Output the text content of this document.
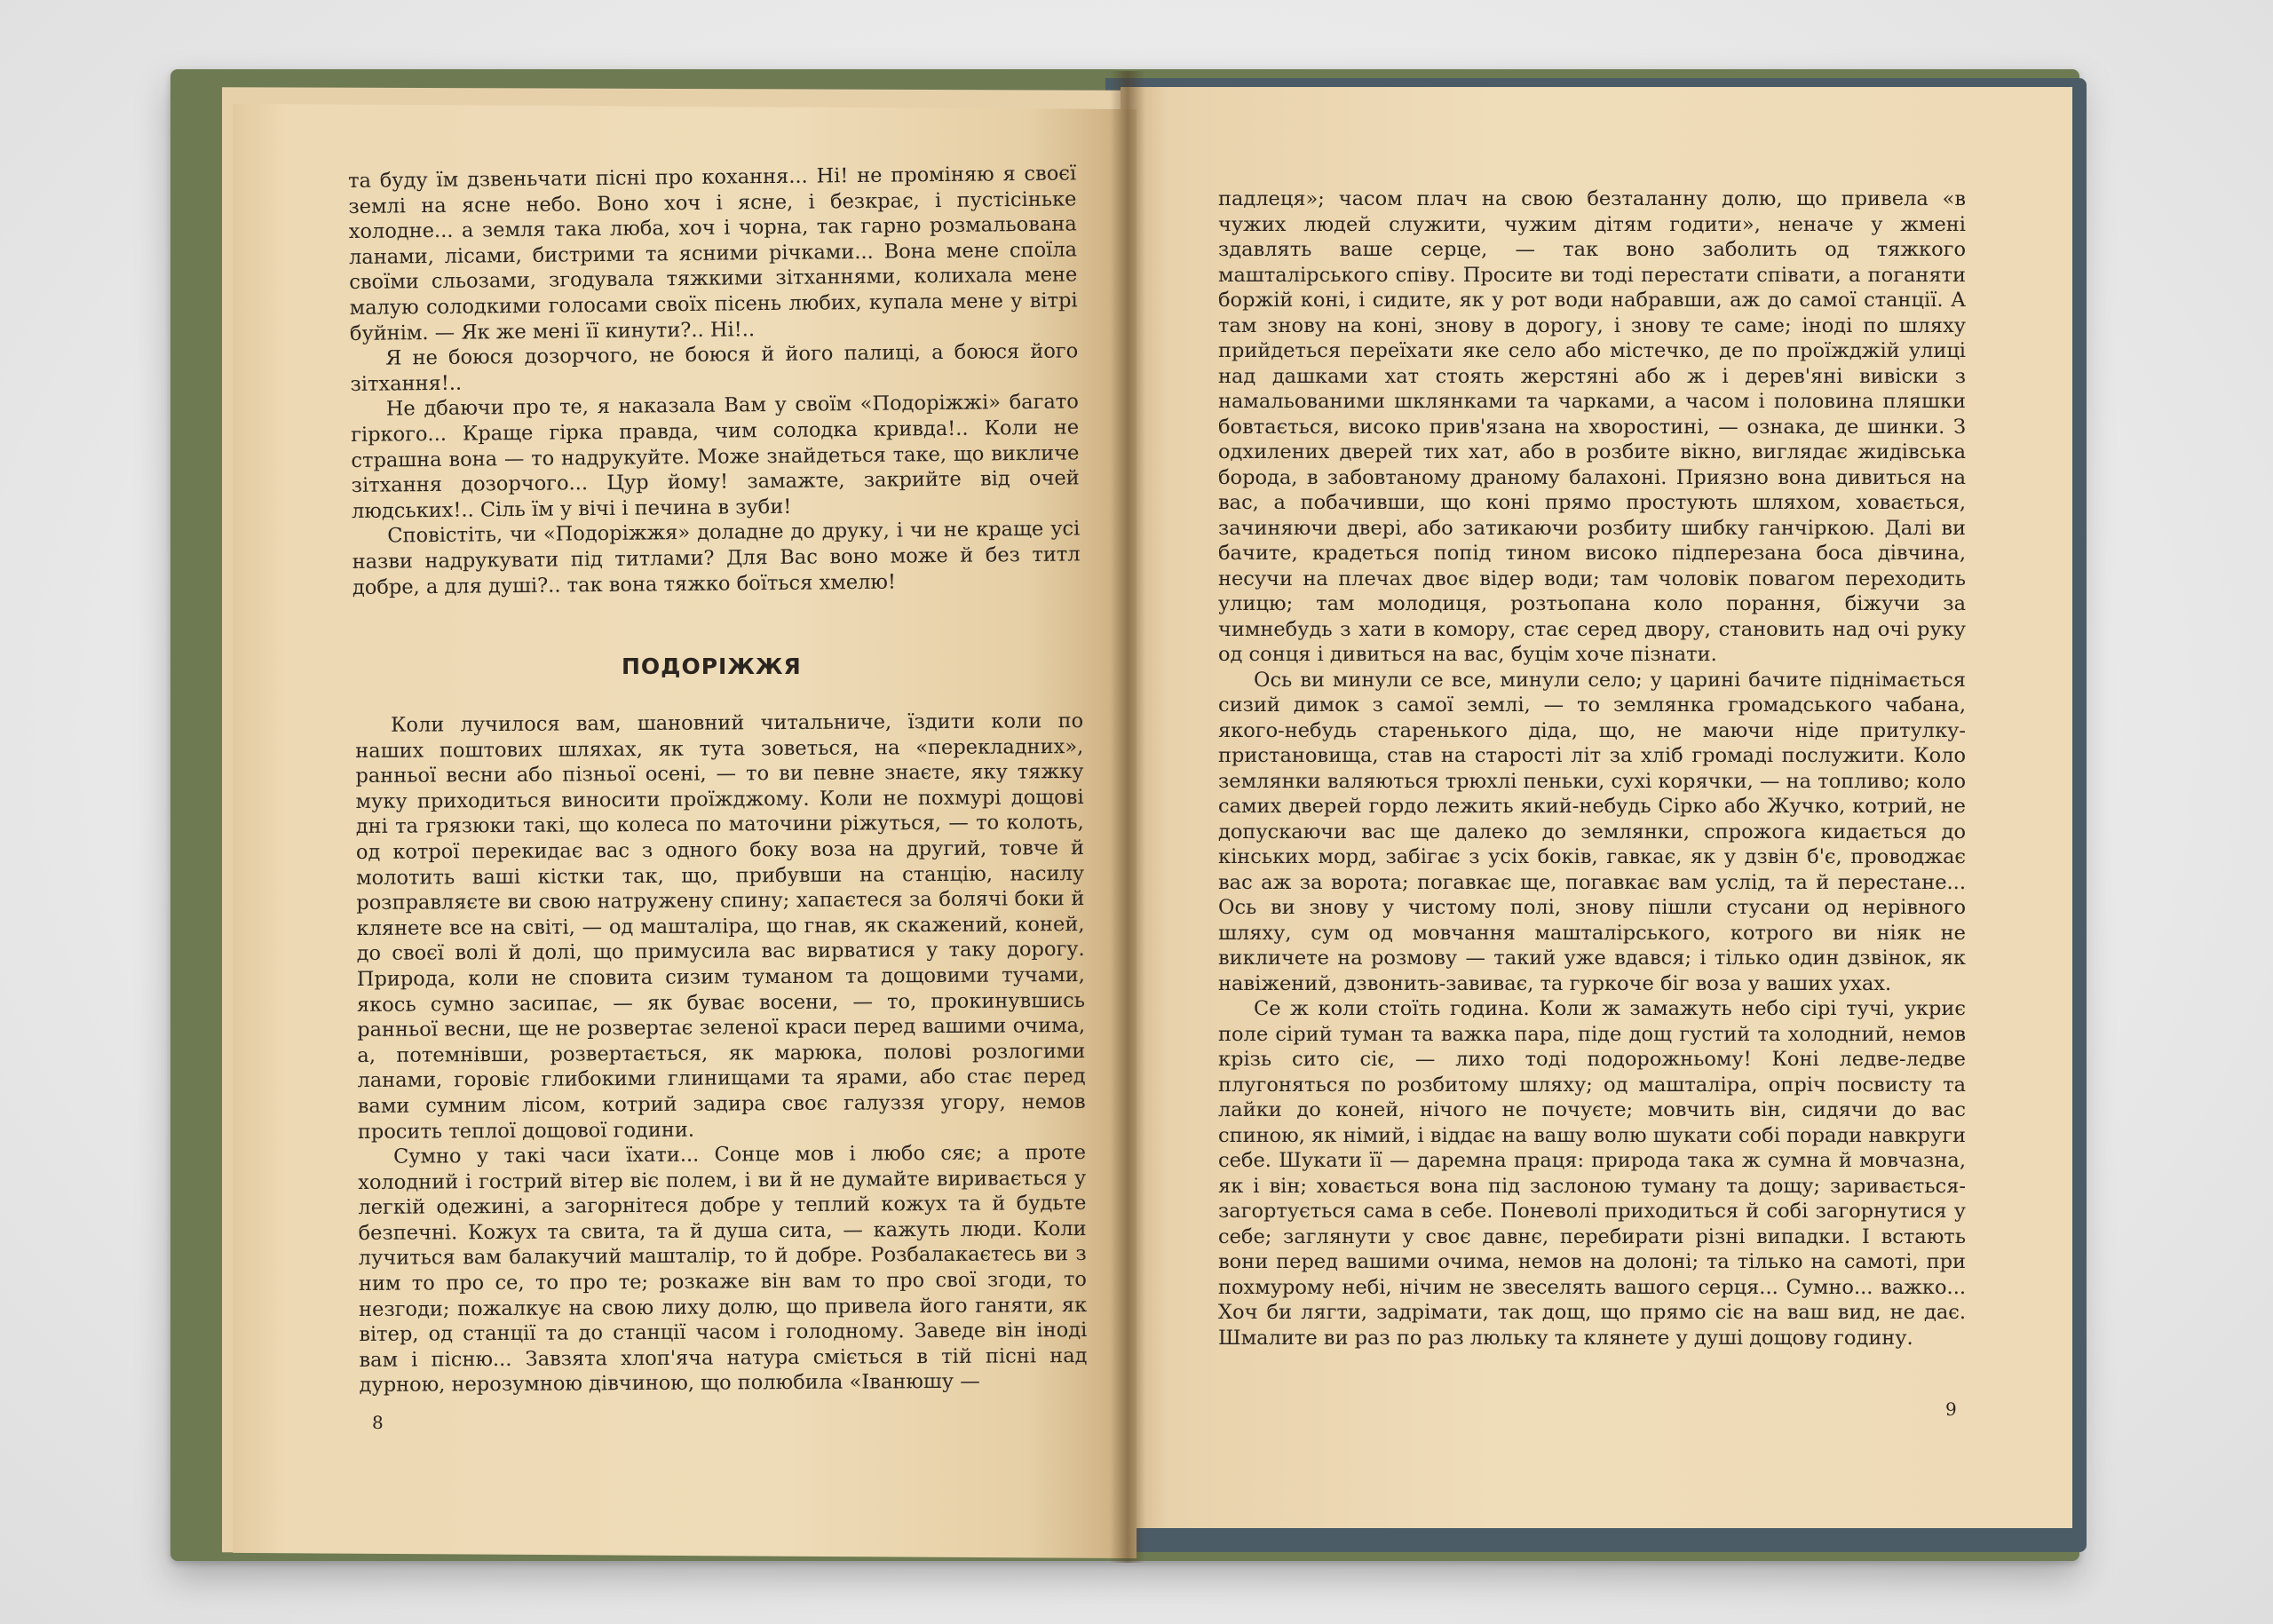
та буду їм дзвеньчати пісні про кохання... Ні! не проміняю я своєї землі на ясне небо. Воно хоч і ясне, і безкрає, і пустісіньке холодне... а земля така люба, хоч і чорна, так гарно розмальована ланами, лісами, бистрими та ясними річками... Вона мене споїла своїми сльозами, згодувала тяжкими зітханнями, колихала мене малую солодкими голосами своїх пісень любих, купала мене у вітрі буйнім. — Як же мені її кинути?.. Ні!..

Я не боюся дозорчого, не боюся й його палиці, а боюся його зітхання!..

Не дбаючи про те, я наказала Вам у своїм «Подоріжжі» багато гіркого... Краще гірка правда, чим солодка кривда!.. Коли не страшна вона — то надрукуйте. Може знайдеться таке, що викличе зітхання дозорчого... Цур йому! замажте, закрийте від очей людських!.. Сіль їм у вічі і печина в зуби!

Сповістіть, чи «Подоріжжя» доладне до друку, і чи не краще усі назви надрукувати під титлами? Для Вас воно може й без титл добре, а для душі?.. так вона тяжко боїться хмелю!

ПОДОРІЖЖЯ

Коли лучилося вам, шановний читальниче, їздити коли по наших поштових шляхах, як тута зоветься, на «перекладних», ранньої весни або пізньої осені, — то ви певне знаєте, яку тяжку муку приходиться виносити проїжджому. Коли не похмурі дощові дні та грязюки такі, що колеса по маточини ріжуться, — то колоть, од котрої перекидає вас з одного боку воза на другий, товче й молотить ваші кістки так, що, прибувши на станцію, насилу розправляєте ви свою натружену спину; хапаєтеся за болячі боки й клянете все на світі, — од машталіра, що гнав, як скажений, коней, до своєї волі й долі, що примусила вас вирватися у таку дорогу. Природа, коли не сповита сизим туманом та дощовими тучами, якось сумно засипає, — як буває восени, — то, прокинувшись ранньої весни, ще не розвертає зеленої краси перед вашими очима, а, потемнівши, розвертається, як марюка, полові розлогими ланами, горовіє глибокими глинищами та ярами, або стає перед вами сумним лісом, котрий задира своє галуззя угору, немов просить теплої дощової години.

Сумно у такі часи їхати... Сонце мов і любо сяє; а проте холодний і гострий вітер віє полем, і ви й не думайте виривається у легкій одежині, а загорнітеся добре у теплий кожух та й будьте безпечні. Кожух та свита, та й душа сита, — кажуть люди. Коли лучиться вам балакучий машталір, то й добре. Розбалакаєтесь ви з ним то про се, то про те; розкаже він вам то про свої згоди, то незгоди; пожалкує на свою лиху долю, що привела його ганяти, як вітер, од станції та до станції часом і голодному. Заведе він іноді вам і пісню... Завзята хлоп'яча натура сміється в тій пісні над дурною, нерозумною дівчиною, що полюбила «Іванюшу —

8

падлеця»; часом плач на свою безталанну долю, що привела «в чужих людей служити, чужим дітям годити», неначе у жмені здавлять ваше серце, — так воно заболить од тяжкого машталірського співу. Просите ви тоді перестати співати, а поганяти боржій коні, і сидите, як у рот води набравши, аж до самої станції. А там знову на коні, знову в дорогу, і знову те саме; іноді по шляху прийдеться переїхати яке село або містечко, де по проїжджій улиці над дашками хат стоять жерстяні або ж і дерев'яні вивіски з намальованими шклянками та чарками, а часом і половина пляшки бовтається, високо прив'язана на хворостині, — ознака, де шинки. З одхилених дверей тих хат, або в розбите вікно, виглядає жидівська борода, в забовтаному драному балахоні. Приязно вона дивиться на вас, а побачивши, що коні прямо простують шляхом, ховається, зачиняючи двері, або затикаючи розбиту шибку ганчіркою. Далі ви бачите, крадеться попід тином високо підперезана боса дівчина, несучи на плечах двоє відер води; там чоловік повагом переходить улицю; там молодиця, розтьопана коло порання, біжучи за чимнебудь з хати в комору, стає серед двору, становить над очі руку од сонця і дивиться на вас, буцім хоче пізнати.

Ось ви минули се все, минули село; у царині бачите піднімається сизий димок з самої землі, — то землянка громадського чабана, якого-небудь старенького діда, що, не маючи ніде притулку-пристановища, став на старості літ за хліб громаді послужити. Коло землянки валяються трюхлі пеньки, сухі корячки, — на топливо; коло самих дверей гордо лежить який-небудь Сірко або Жучко, котрий, не допускаючи вас ще далеко до землянки, спрожога кидається до кінських морд, забігає з усіх боків, гавкає, як у дзвін б'є, проводжає вас аж за ворота; погавкає ще, погавкає вам услід, та й перестане... Ось ви знову у чистому полі, знову пішли стусани од нерівного шляху, сум од мовчання машталірського, котрого ви ніяк не викличете на розмову — такий уже вдався; і тілько один дзвінок, як навіжений, дзвонить-завиває, та гуркоче біг воза у ваших ухах.

Се ж коли стоїть година. Коли ж замажуть небо сірі тучі, укриє поле сірий туман та важка пара, піде дощ густий та холодний, немов крізь сито сіє, — лихо тоді подорожньому! Коні ледве-ледве плугоняться по розбитому шляху; од машталіра, опріч посвисту та лайки до коней, нічого не почуєте; мовчить він, сидячи до вас спиною, як німий, і віддає на вашу волю шукати собі поради навкруги себе. Шукати її — даремна праця: природа така ж сумна й мовчазна, як і він; ховається вона під заслоною туману та дощу; заривається-загортується сама в себе. Поневолі приходиться й собі загорнутися у себе; заглянути у своє давнє, перебирати різні випадки. І встають вони перед вашими очима, немов на долоні; та тілько на самоті, при похмурому небі, нічим не звеселять вашого серця... Сумно... важко... Хоч би лягти, задрімати, так дощ, що прямо сіє на ваш вид, не дає. Шмалите ви раз по раз люльку та клянете у душі дощову годину.

9
